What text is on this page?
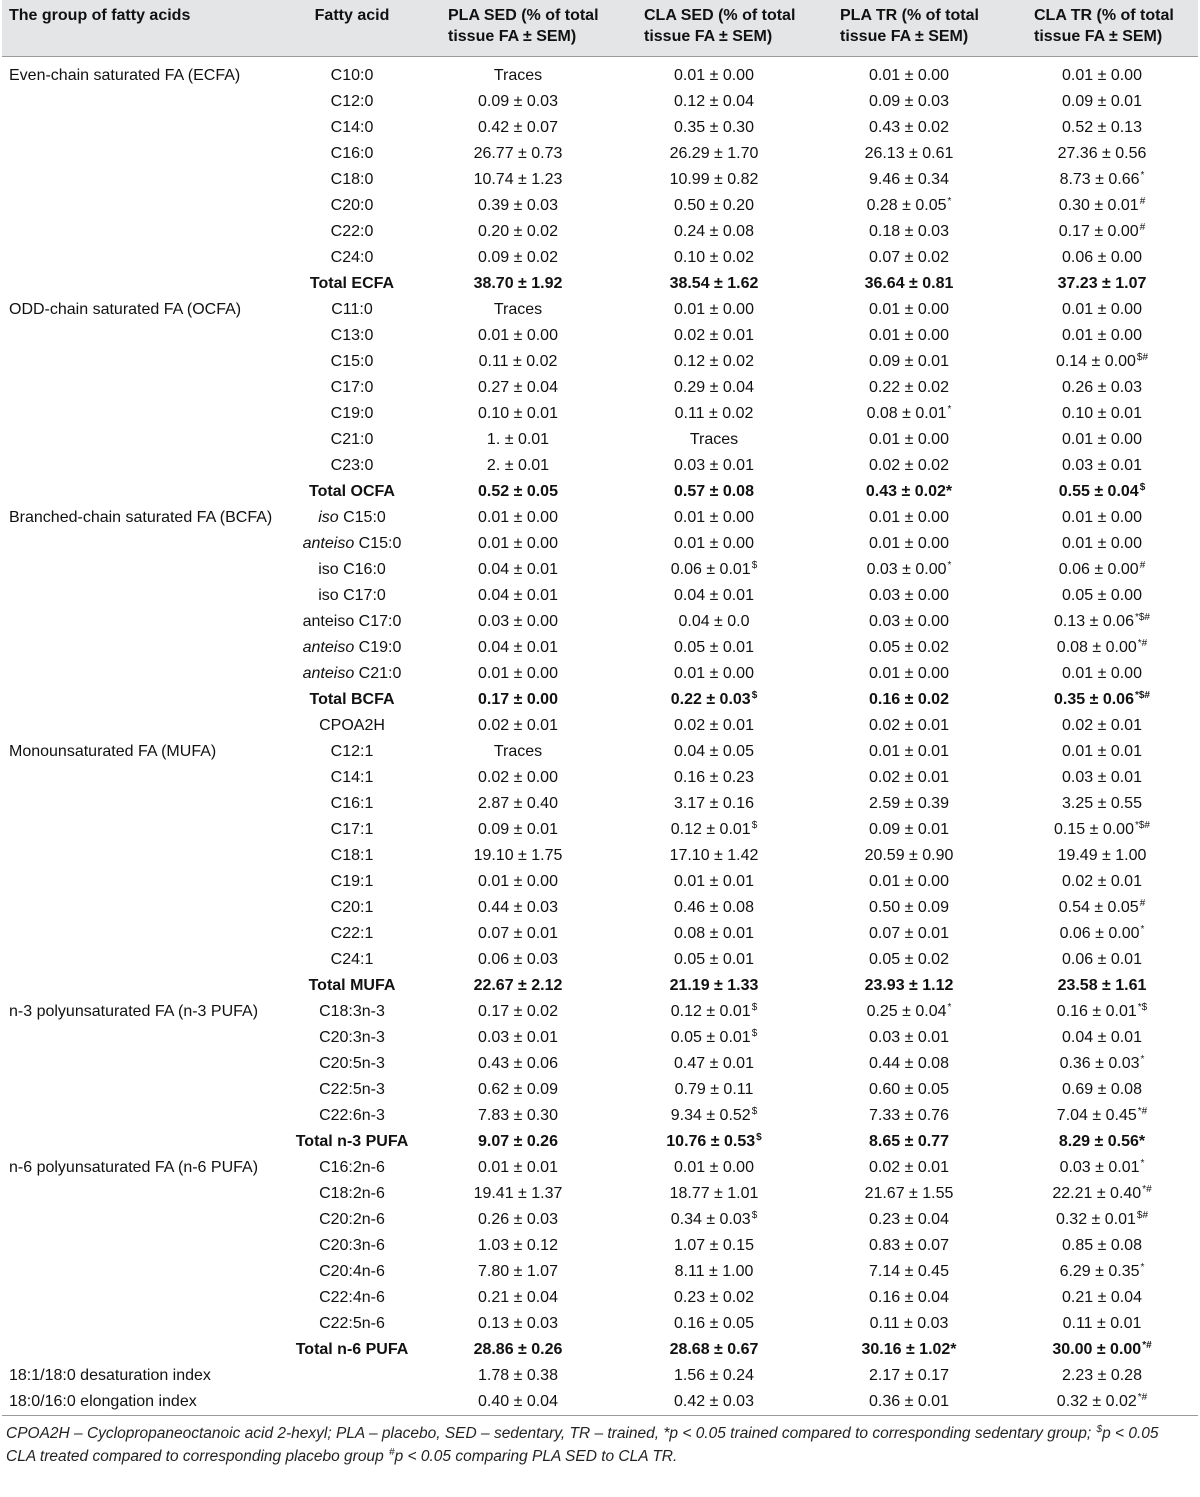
The group of fatty acids	Fatty acid	PLA SED (% of total tissue FA ± SEM)	CLA SED (% of total tissue FA ± SEM)	PLA TR (% of total tissue FA ± SEM)	CLA TR (% of total tissue FA ± SEM)
Even-chain saturated FA (ECFA)	C10:0	Traces	0.01 ± 0.00	0.01 ± 0.00	0.01 ± 0.00
	C12:0	0.09 ± 0.03	0.12 ± 0.04	0.09 ± 0.03	0.09 ± 0.01
	C14:0	0.42 ± 0.07	0.35 ± 0.30	0.43 ± 0.02	0.52 ± 0.13
	C16:0	26.77 ± 0.73	26.29 ± 1.70	26.13 ± 0.61	27.36 ± 0.56
	C18:0	10.74 ± 1.23	10.99 ± 0.82	9.46 ± 0.34	8.73 ± 0.66*
	C20:0	0.39 ± 0.03	0.50 ± 0.20	0.28 ± 0.05*	0.30 ± 0.01#
	C22:0	0.20 ± 0.02	0.24 ± 0.08	0.18 ± 0.03	0.17 ± 0.00#
	C24:0	0.09 ± 0.02	0.10 ± 0.02	0.07 ± 0.02	0.06 ± 0.00
	Total ECFA	38.70 ± 1.92	38.54 ± 1.62	36.64 ± 0.81	37.23 ± 1.07
ODD-chain saturated FA (OCFA)	C11:0	Traces	0.01 ± 0.00	0.01 ± 0.00	0.01 ± 0.00
	C13:0	0.01 ± 0.00	0.02 ± 0.01	0.01 ± 0.00	0.01 ± 0.00
	C15:0	0.11 ± 0.02	0.12 ± 0.02	0.09 ± 0.01	0.14 ± 0.00$#
	C17:0	0.27 ± 0.04	0.29 ± 0.04	0.22 ± 0.02	0.26 ± 0.03
	C19:0	0.10 ± 0.01	0.11 ± 0.02	0.08 ± 0.01*	0.10 ± 0.01
	C21:0	1. ± 0.01	Traces	0.01 ± 0.00	0.01 ± 0.00
	C23:0	2. ± 0.01	0.03 ± 0.01	0.02 ± 0.02	0.03 ± 0.01
	Total OCFA	0.52 ± 0.05	0.57 ± 0.08	0.43 ± 0.02*	0.55 ± 0.04$
Branched-chain saturated FA (BCFA)	iso C15:0	0.01 ± 0.00	0.01 ± 0.00	0.01 ± 0.00	0.01 ± 0.00
	anteiso C15:0	0.01 ± 0.00	0.01 ± 0.00	0.01 ± 0.00	0.01 ± 0.00
	iso C16:0	0.04 ± 0.01	0.06 ± 0.01$	0.03 ± 0.00*	0.06 ± 0.00#
	iso C17:0	0.04 ± 0.01	0.04 ± 0.01	0.03 ± 0.00	0.05 ± 0.00
	anteiso C17:0	0.03 ± 0.00	0.04 ± 0.0	0.03 ± 0.00	0.13 ± 0.06*$#
	anteiso C19:0	0.04 ± 0.01	0.05 ± 0.01	0.05 ± 0.02	0.08 ± 0.00*#
	anteiso C21:0	0.01 ± 0.00	0.01 ± 0.00	0.01 ± 0.00	0.01 ± 0.00
	Total BCFA	0.17 ± 0.00	0.22 ± 0.03$	0.16 ± 0.02	0.35 ± 0.06*$#
	CPOA2H	0.02 ± 0.01	0.02 ± 0.01	0.02 ± 0.01	0.02 ± 0.01
Monounsaturated FA (MUFA)	C12:1	Traces	0.04 ± 0.05	0.01 ± 0.01	0.01 ± 0.01
	C14:1	0.02 ± 0.00	0.16 ± 0.23	0.02 ± 0.01	0.03 ± 0.01
	C16:1	2.87 ± 0.40	3.17 ± 0.16	2.59 ± 0.39	3.25 ± 0.55
	C17:1	0.09 ± 0.01	0.12 ± 0.01$	0.09 ± 0.01	0.15 ± 0.00*$#
	C18:1	19.10 ± 1.75	17.10 ± 1.42	20.59 ± 0.90	19.49 ± 1.00
	C19:1	0.01 ± 0.00	0.01 ± 0.01	0.01 ± 0.00	0.02 ± 0.01
	C20:1	0.44 ± 0.03	0.46 ± 0.08	0.50 ± 0.09	0.54 ± 0.05#
	C22:1	0.07 ± 0.01	0.08 ± 0.01	0.07 ± 0.01	0.06 ± 0.00*
	C24:1	0.06 ± 0.03	0.05 ± 0.01	0.05 ± 0.02	0.06 ± 0.01
	Total MUFA	22.67 ± 2.12	21.19 ± 1.33	23.93 ± 1.12	23.58 ± 1.61
n-3 polyunsaturated FA (n-3 PUFA)	C18:3n-3	0.17 ± 0.02	0.12 ± 0.01$	0.25 ± 0.04*	0.16 ± 0.01*$
	C20:3n-3	0.03 ± 0.01	0.05 ± 0.01$	0.03 ± 0.01	0.04 ± 0.01
	C20:5n-3	0.43 ± 0.06	0.47 ± 0.01	0.44 ± 0.08	0.36 ± 0.03*
	C22:5n-3	0.62 ± 0.09	0.79 ± 0.11	0.60 ± 0.05	0.69 ± 0.08
	C22:6n-3	7.83 ± 0.30	9.34 ± 0.52$	7.33 ± 0.76	7.04 ± 0.45*#
	Total n-3 PUFA	9.07 ± 0.26	10.76 ± 0.53$	8.65 ± 0.77	8.29 ± 0.56*
n-6 polyunsaturated FA (n-6 PUFA)	C16:2n-6	0.01 ± 0.01	0.01 ± 0.00	0.02 ± 0.01	0.03 ± 0.01*
	C18:2n-6	19.41 ± 1.37	18.77 ± 1.01	21.67 ± 1.55	22.21 ± 0.40*#
	C20:2n-6	0.26 ± 0.03	0.34 ± 0.03$	0.23 ± 0.04	0.32 ± 0.01$#
	C20:3n-6	1.03 ± 0.12	1.07 ± 0.15	0.83 ± 0.07	0.85 ± 0.08
	C20:4n-6	7.80 ± 1.07	8.11 ± 1.00	7.14 ± 0.45	6.29 ± 0.35*
	C22:4n-6	0.21 ± 0.04	0.23 ± 0.02	0.16 ± 0.04	0.21 ± 0.04
	C22:5n-6	0.13 ± 0.03	0.16 ± 0.05	0.11 ± 0.03	0.11 ± 0.01
	Total n-6 PUFA	28.86 ± 0.26	28.68 ± 0.67	30.16 ± 1.02*	30.00 ± 0.00*#
18:1/18:0 desaturation index		1.78 ± 0.38	1.56 ± 0.24	2.17 ± 0.17	2.23 ± 0.28
18:0/16:0 elongation index		0.40 ± 0.04	0.42 ± 0.03	0.36 ± 0.01	0.32 ± 0.02*#
CPOA2H – Cyclopropaneoctanoic acid 2-hexyl; PLA – placebo, SED – sedentary, TR – trained, *p < 0.05 trained compared to corresponding sedentary group; $p < 0.05 CLA treated compared to corresponding placebo group #p < 0.05 comparing PLA SED to CLA TR.
